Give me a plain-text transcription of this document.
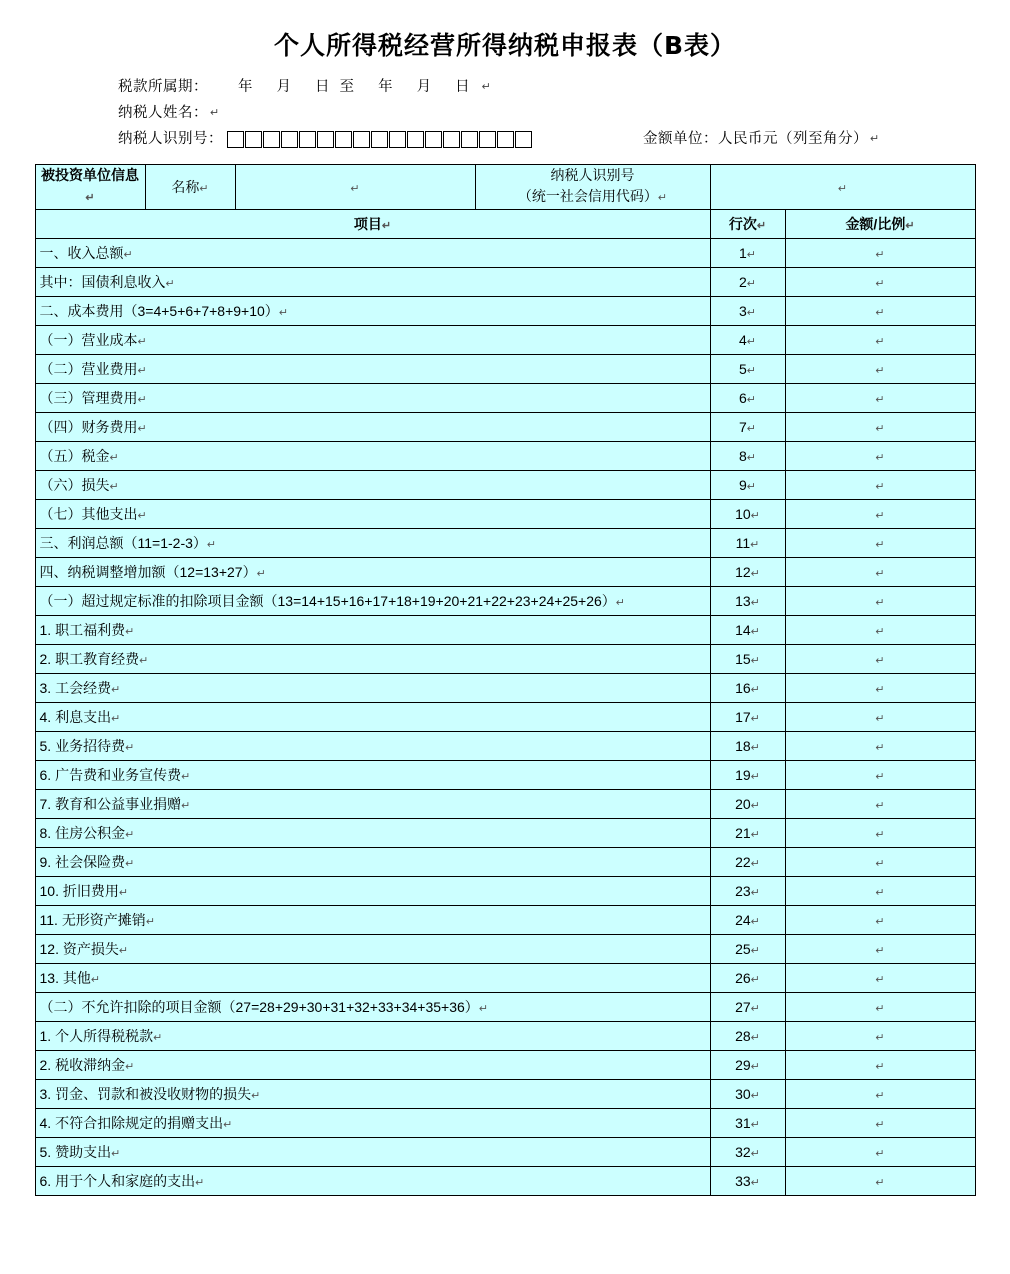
个人所得税经营所得纳税申报表（B表）
税款所属期： 年 月 日至 年 月 日 ↵
纳税人姓名： ↵
纳税人识别号：	金额单位：人民币元（列至角分） ↵
被投资单位信息↵	名称↵	↵	纳税人识别号
（统一社会信用代码）↵	↵	
项目↵				行次↵	金额/比例↵
一、收入总额↵				1↵	↵
其中：国债利息收入↵				2↵	↵
二、成本费用（3=4+5+6+7+8+9+10）↵				3↵	↵
（一）营业成本↵				4↵	↵
（二）营业费用↵				5↵	↵
（三）管理费用↵				6↵	↵
（四）财务费用↵				7↵	↵
（五）税金↵				8↵	↵
（六）损失↵				9↵	↵
（七）其他支出↵				10↵	↵
三、利润总额（11=1-2-3）↵				11↵	↵
四、纳税调整增加额（12=13+27）↵				12↵	↵
（一）超过规定标准的扣除项目金额（13=14+15+16+17+18+19+20+21+22+23+24+25+26）↵				13↵	↵
1. 职工福利费↵				14↵	↵
2. 职工教育经费↵				15↵	↵
3. 工会经费↵				16↵	↵
4. 利息支出↵				17↵	↵
5. 业务招待费↵				18↵	↵
6. 广告费和业务宣传费↵				19↵	↵
7. 教育和公益事业捐赠↵				20↵	↵
8. 住房公积金↵				21↵	↵
9. 社会保险费↵				22↵	↵
10. 折旧费用↵				23↵	↵
11. 无形资产摊销↵				24↵	↵
12. 资产损失↵				25↵	↵
13. 其他↵				26↵	↵
（二）不允许扣除的项目金额（27=28+29+30+31+32+33+34+35+36）↵				27↵	↵
1. 个人所得税税款↵				28↵	↵
2. 税收滞纳金↵				29↵	↵
3. 罚金、罚款和被没收财物的损失↵				30↵	↵
4. 不符合扣除规定的捐赠支出↵				31↵	↵
5. 赞助支出↵				32↵	↵
6. 用于个人和家庭的支出↵				33↵	↵
